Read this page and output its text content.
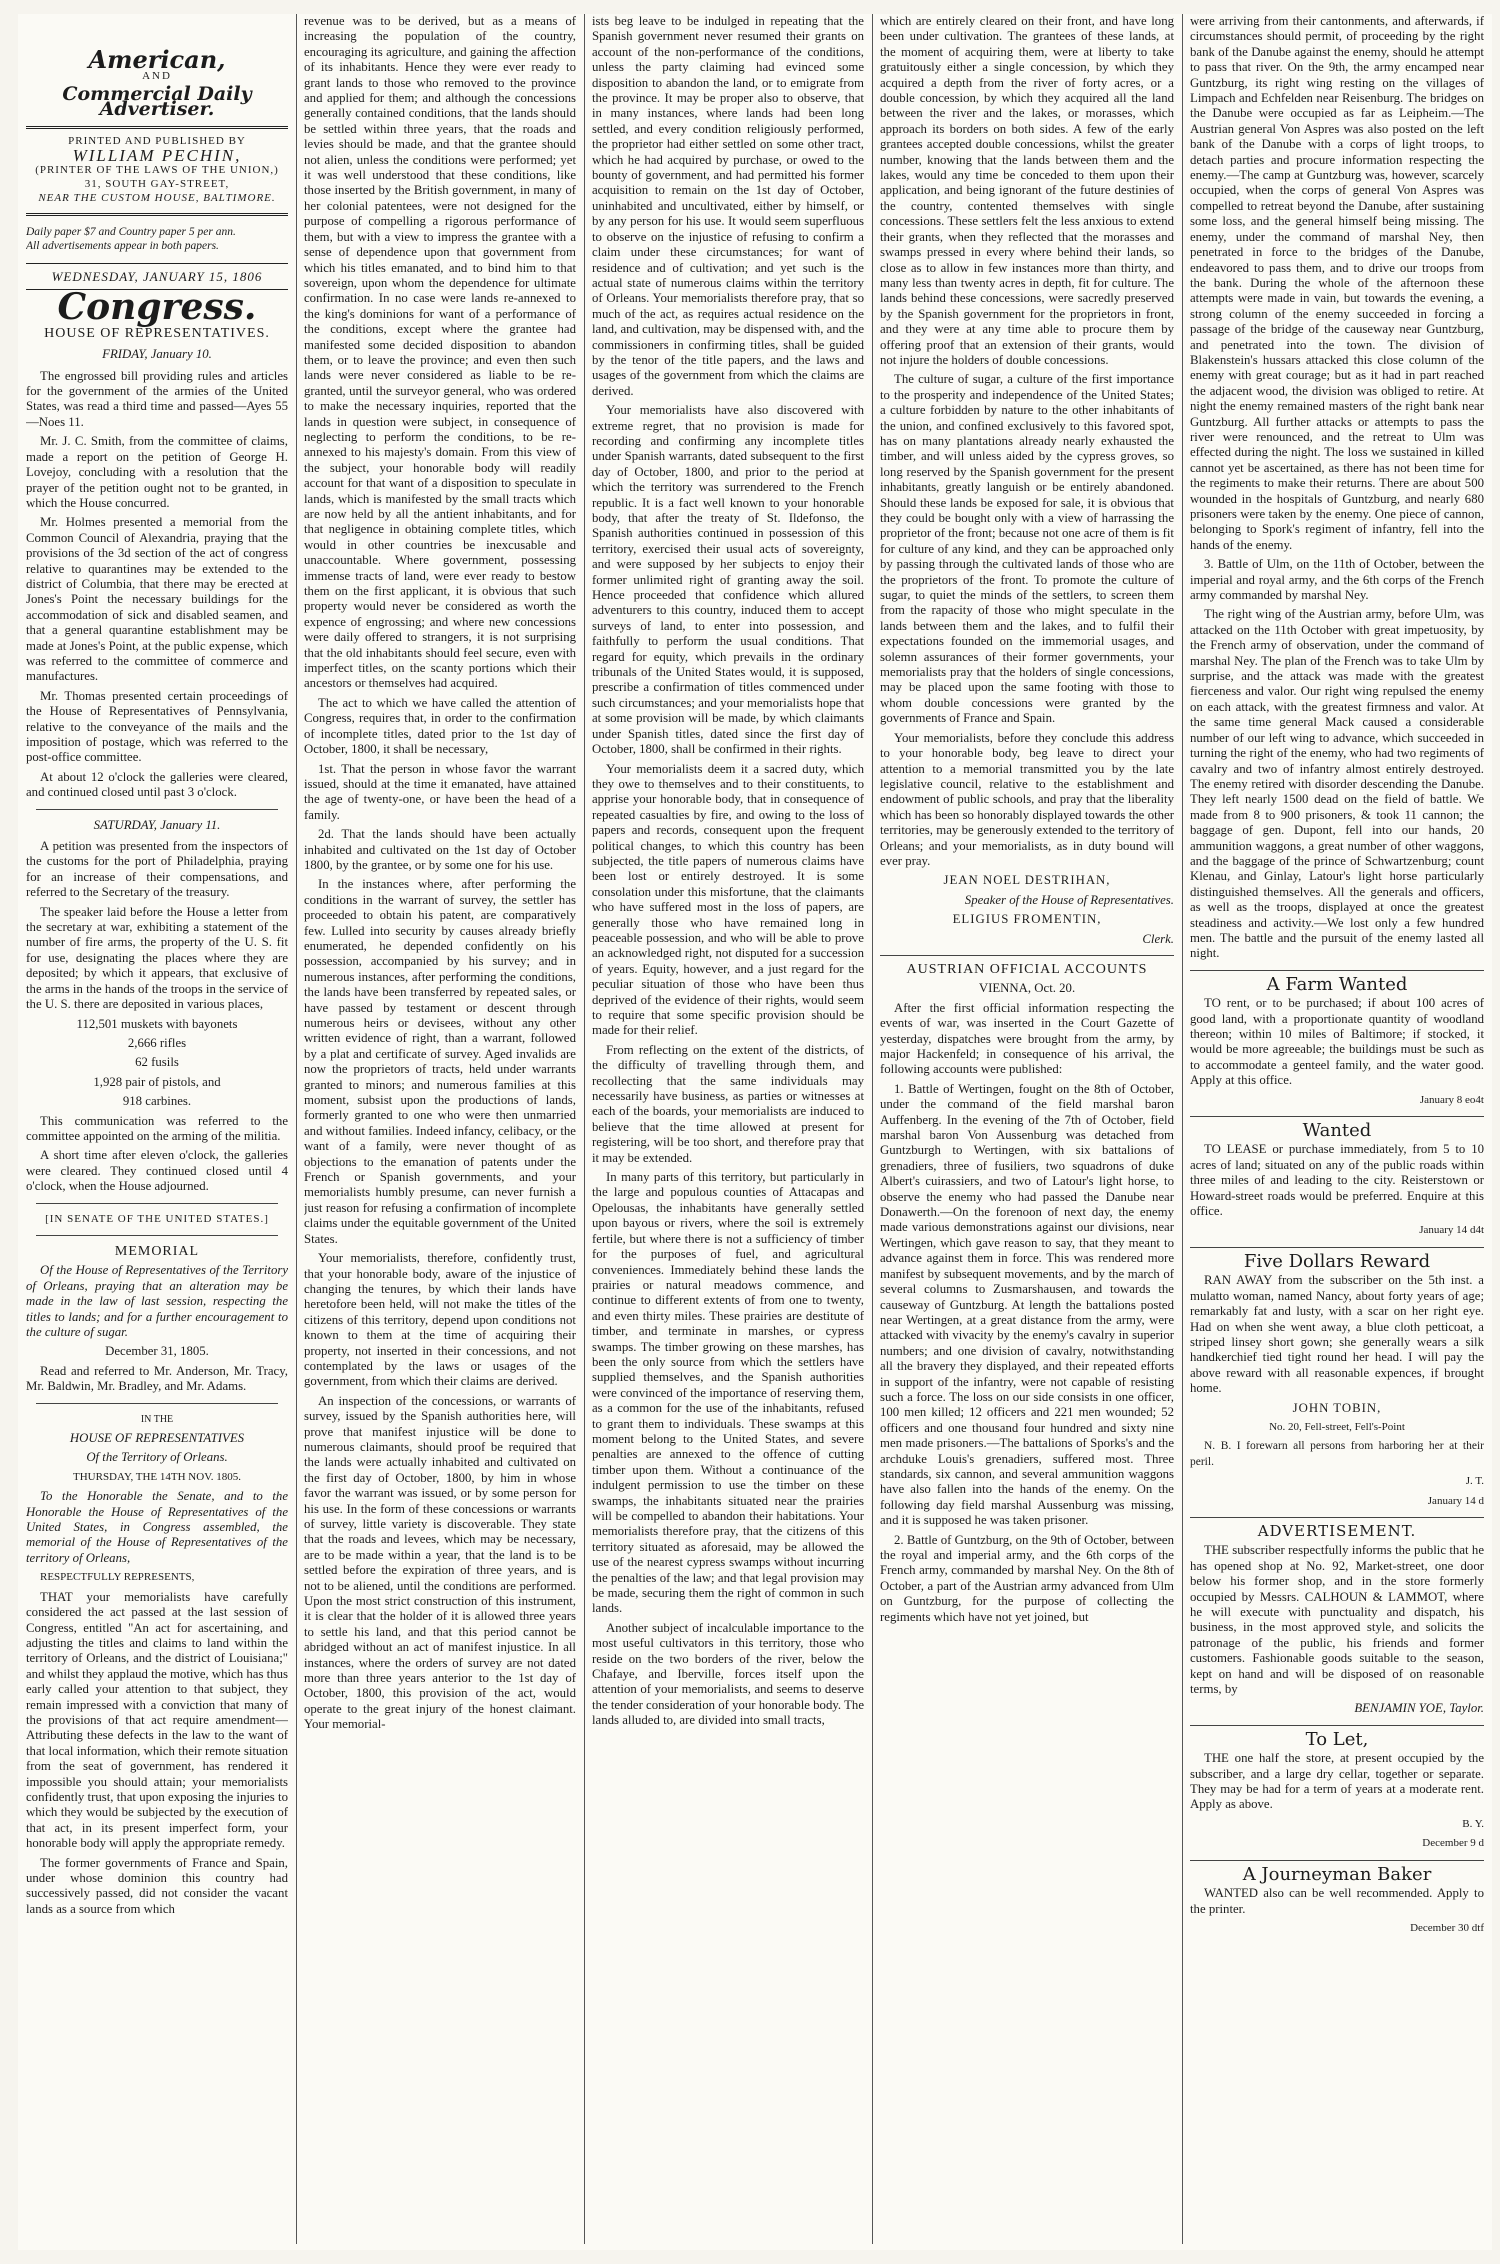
American,
AND
Commercial Daily Advertiser.
PRINTED AND PUBLISHED BY
WILLIAM PECHIN,
(PRINTER OF THE LAWS OF THE UNION,)
31, SOUTH GAY-STREET,
NEAR THE CUSTOM HOUSE, BALTIMORE.
Daily paper $7 and Country paper 5 per ann.
All advertisements appear in both papers.
WEDNESDAY, JANUARY 15, 1806
Congress.
HOUSE OF REPRESENTATIVES.
FRIDAY, January 10.

The engrossed bill providing rules and articles for the government of the armies of the United States, was read a third time and passed—Ayes 55—Noes 11.

Mr. J. C. Smith, from the committee of claims, made a report on the petition of George H. Lovejoy, concluding with a resolution that the prayer of the petition ought not to be granted, in which the House concurred.

Mr. Holmes presented a memorial from the Common Council of Alexandria, praying that the provisions of the 3d section of the act of congress relative to quarantines may be extended to the district of Columbia, that there may be erected at Jones's Point the necessary buildings for the accommodation of sick and disabled seamen, and that a general quarantine establishment may be made at Jones's Point, at the public expense, which was referred to the committee of commerce and manufactures.

Mr. Thomas presented certain proceedings of the House of Representatives of Pennsylvania, relative to the conveyance of the mails and the imposition of postage, which was referred to the post-office committee.

At about 12 o'clock the galleries were cleared, and continued closed until past 3 o'clock.

SATURDAY, January 11.

A petition was presented from the inspectors of the customs for the port of Philadelphia, praying for an increase of their compensations, and referred to the Secretary of the treasury.

The speaker laid before the House a letter from the secretary at war, exhibiting a statement of the number of fire arms, the property of the U. S. fit for use, designating the places where they are deposited; by which it appears, that exclusive of the arms in the hands of the troops in the service of the U. S. there are deposited in various places,

112,501 muskets with bayonets

2,666 rifles

62 fusils

1,928 pair of pistols, and

918 carbines.

This communication was referred to the committee appointed on the arming of the militia.

A short time after eleven o'clock, the galleries were cleared. They continued closed until 4 o'clock, when the House adjourned.

[IN SENATE OF THE UNITED STATES.]

MEMORIAL

Of the House of Representatives of the Territory of Orleans, praying that an alteration may be made in the law of last session, respecting the titles to lands; and for a further encouragement to the culture of sugar.

December 31, 1805.

Read and referred to Mr. Anderson, Mr. Tracy, Mr. Baldwin, Mr. Bradley, and Mr. Adams.

IN THE

HOUSE OF REPRESENTATIVES

Of the Territory of Orleans.

THURSDAY, THE 14TH NOV. 1805.

To the Honorable the Senate, and to the Honorable the House of Representatives of the United States, in Congress assembled, the memorial of the House of Representatives of the territory of Orleans,

RESPECTFULLY REPRESENTS,

THAT your memorialists have carefully considered the act passed at the last session of Congress, entitled "An act for ascertaining, and adjusting the titles and claims to land within the territory of Orleans, and the district of Louisiana;" and whilst they applaud the motive, which has thus early called your attention to that subject, they remain impressed with a conviction that many of the provisions of that act require amendment—Attributing these defects in the law to the want of that local information, which their remote situation from the seat of government, has rendered it impossible you should attain; your memorialists confidently trust, that upon exposing the injuries to which they would be subjected by the execution of that act, in its present imperfect form, your honorable body will apply the appropriate remedy.

The former governments of France and Spain, under whose dominion this country had successively passed, did not consider the vacant lands as a source from which

revenue was to be derived, but as a means of increasing the population of the country, encouraging its agriculture, and gaining the affection of its inhabitants. Hence they were ever ready to grant lands to those who removed to the province and applied for them; and although the concessions generally contained conditions, that the lands should be settled within three years, that the roads and levies should be made, and that the grantee should not alien, unless the conditions were performed; yet it was well understood that these conditions, like those inserted by the British government, in many of her colonial patentees, were not designed for the purpose of compelling a rigorous performance of them, but with a view to impress the grantee with a sense of dependence upon that government from which his titles emanated, and to bind him to that sovereign, upon whom the dependence for ultimate confirmation. In no case were lands re-annexed to the king's dominions for want of a performance of the conditions, except where the grantee had manifested some decided disposition to abandon them, or to leave the province; and even then such lands were never considered as liable to be re-granted, until the surveyor general, who was ordered to make the necessary inquiries, reported that the lands in question were subject, in consequence of neglecting to perform the conditions, to be re-annexed to his majesty's domain. From this view of the subject, your honorable body will readily account for that want of a disposition to speculate in lands, which is manifested by the small tracts which are now held by all the antient inhabitants, and for that negligence in obtaining complete titles, which would in other countries be inexcusable and unaccountable. Where government, possessing immense tracts of land, were ever ready to bestow them on the first applicant, it is obvious that such property would never be considered as worth the expence of engrossing; and where new concessions were daily offered to strangers, it is not surprising that the old inhabitants should feel secure, even with imperfect titles, on the scanty portions which their ancestors or themselves had acquired.

The act to which we have called the attention of Congress, requires that, in order to the confirmation of incomplete titles, dated prior to the 1st day of October, 1800, it shall be necessary,

1st. That the person in whose favor the warrant issued, should at the time it emanated, have attained the age of twenty-one, or have been the head of a family.

2d. That the lands should have been actually inhabited and cultivated on the 1st day of October 1800, by the grantee, or by some one for his use.

In the instances where, after performing the conditions in the warrant of survey, the settler has proceeded to obtain his patent, are comparatively few. Lulled into security by causes already briefly enumerated, he depended confidently on his possession, accompanied by his survey; and in numerous instances, after performing the conditions, the lands have been transferred by repeated sales, or have passed by testament or descent through numerous heirs or devisees, without any other written evidence of right, than a warrant, followed by a plat and certificate of survey. Aged invalids are now the proprietors of tracts, held under warrants granted to minors; and numerous families at this moment, subsist upon the productions of lands, formerly granted to one who were then unmarried and without families. Indeed infancy, celibacy, or the want of a family, were never thought of as objections to the emanation of patents under the French or Spanish governments, and your memorialists humbly presume, can never furnish a just reason for refusing a confirmation of incomplete claims under the equitable government of the United States.

Your memorialists, therefore, confidently trust, that your honorable body, aware of the injustice of changing the tenures, by which their lands have heretofore been held, will not make the titles of the citizens of this territory, depend upon conditions not known to them at the time of acquiring their property, not inserted in their concessions, and not contemplated by the laws or usages of the government, from which their claims are derived.

An inspection of the concessions, or warrants of survey, issued by the Spanish authorities here, will prove that manifest injustice will be done to numerous claimants, should proof be required that the lands were actually inhabited and cultivated on the first day of October, 1800, by him in whose favor the warrant was issued, or by some person for his use. In the form of these concessions or warrants of survey, little variety is discoverable. They state that the roads and levees, which may be necessary, are to be made within a year, that the land is to be settled before the expiration of three years, and is not to be aliened, until the conditions are performed. Upon the most strict construction of this instrument, it is clear that the holder of it is allowed three years to settle his land, and that this period cannot be abridged without an act of manifest injustice. In all instances, where the orders of survey are not dated more than three years anterior to the 1st day of October, 1800, this provision of the act, would operate to the great injury of the honest claimant. Your memorial-

ists beg leave to be indulged in repeating that the Spanish government never resumed their grants on account of the non-performance of the conditions, unless the party claiming had evinced some disposition to abandon the land, or to emigrate from the province. It may be proper also to observe, that in many instances, where lands had been long settled, and every condition religiously performed, the proprietor had either settled on some other tract, which he had acquired by purchase, or owed to the bounty of government, and had permitted his former acquisition to remain on the 1st day of October, uninhabited and uncultivated, either by himself, or by any person for his use. It would seem superfluous to observe on the injustice of refusing to confirm a claim under these circumstances; for want of residence and of cultivation; and yet such is the actual state of numerous claims within the territory of Orleans. Your memorialists therefore pray, that so much of the act, as requires actual residence on the land, and cultivation, may be dispensed with, and the commissioners in confirming titles, shall be guided by the tenor of the title papers, and the laws and usages of the government from which the claims are derived.

Your memorialists have also discovered with extreme regret, that no provision is made for recording and confirming any incomplete titles under Spanish warrants, dated subsequent to the first day of October, 1800, and prior to the period at which the territory was surrendered to the French republic. It is a fact well known to your honorable body, that after the treaty of St. Ildefonso, the Spanish authorities continued in possession of this territory, exercised their usual acts of sovereignty, and were supposed by her subjects to enjoy their former unlimited right of granting away the soil. Hence proceeded that confidence which allured adventurers to this country, induced them to accept surveys of land, to enter into possession, and faithfully to perform the usual conditions. That regard for equity, which prevails in the ordinary tribunals of the United States would, it is supposed, prescribe a confirmation of titles commenced under such circumstances; and your memorialists hope that at some provision will be made, by which claimants under Spanish titles, dated since the first day of October, 1800, shall be confirmed in their rights.

Your memorialists deem it a sacred duty, which they owe to themselves and to their constituents, to apprise your honorable body, that in consequence of repeated casualties by fire, and owing to the loss of papers and records, consequent upon the frequent political changes, to which this country has been subjected, the title papers of numerous claims have been lost or entirely destroyed. It is some consolation under this misfortune, that the claimants who have suffered most in the loss of papers, are generally those who have remained long in peaceable possession, and who will be able to prove an acknowledged right, not disputed for a succession of years. Equity, however, and a just regard for the peculiar situation of those who have been thus deprived of the evidence of their rights, would seem to require that some specific provision should be made for their relief.

From reflecting on the extent of the districts, of the difficulty of travelling through them, and recollecting that the same individuals may necessarily have business, as parties or witnesses at each of the boards, your memorialists are induced to believe that the time allowed at present for registering, will be too short, and therefore pray that it may be extended.

In many parts of this territory, but particularly in the large and populous counties of Attacapas and Opelousas, the inhabitants have generally settled upon bayous or rivers, where the soil is extremely fertile, but where there is not a sufficiency of timber for the purposes of fuel, and agricultural conveniences. Immediately behind these lands the prairies or natural meadows commence, and continue to different extents of from one to twenty, and even thirty miles. These prairies are destitute of timber, and terminate in marshes, or cypress swamps. The timber growing on these marshes, has been the only source from which the settlers have supplied themselves, and the Spanish authorities were convinced of the importance of reserving them, as a common for the use of the inhabitants, refused to grant them to individuals. These swamps at this moment belong to the United States, and severe penalties are annexed to the offence of cutting timber upon them. Without a continuance of the indulgent permission to use the timber on these swamps, the inhabitants situated near the prairies will be compelled to abandon their habitations. Your memorialists therefore pray, that the citizens of this territory situated as aforesaid, may be allowed the use of the nearest cypress swamps without incurring the penalties of the law; and that legal provision may be made, securing them the right of common in such lands.

Another subject of incalculable importance to the most useful cultivators in this territory, those who reside on the two borders of the river, below the Chafaye, and Iberville, forces itself upon the attention of your memorialists, and seems to deserve the tender consideration of your honorable body. The lands alluded to, are divided into small tracts,

which are entirely cleared on their front, and have long been under cultivation. The grantees of these lands, at the moment of acquiring them, were at liberty to take gratuitously either a single concession, by which they acquired a depth from the river of forty acres, or a double concession, by which they acquired all the land between the river and the lakes, or morasses, which approach its borders on both sides. A few of the early grantees accepted double concessions, whilst the greater number, knowing that the lands between them and the lakes, would any time be conceded to them upon their application, and being ignorant of the future destinies of the country, contented themselves with single concessions. These settlers felt the less anxious to extend their grants, when they reflected that the morasses and swamps pressed in every where behind their lands, so close as to allow in few instances more than thirty, and many less than twenty acres in depth, fit for culture. The lands behind these concessions, were sacredly preserved by the Spanish government for the proprietors in front, and they were at any time able to procure them by offering proof that an extension of their grants, would not injure the holders of double concessions.

The culture of sugar, a culture of the first importance to the prosperity and independence of the United States; a culture forbidden by nature to the other inhabitants of the union, and confined exclusively to this favored spot, has on many plantations already nearly exhausted the timber, and will unless aided by the cypress groves, so long reserved by the Spanish government for the present inhabitants, greatly languish or be entirely abandoned. Should these lands be exposed for sale, it is obvious that they could be bought only with a view of harrassing the proprietor of the front; because not one acre of them is fit for culture of any kind, and they can be approached only by passing through the cultivated lands of those who are the proprietors of the front. To promote the culture of sugar, to quiet the minds of the settlers, to screen them from the rapacity of those who might speculate in the lands between them and the lakes, and to fulfil their expectations founded on the immemorial usages, and solemn assurances of their former governments, your memorialists pray that the holders of single concessions, may be placed upon the same footing with those to whom double concessions were granted by the governments of France and Spain.

Your memorialists, before they conclude this address to your honorable body, beg leave to direct your attention to a memorial transmitted you by the late legislative council, relative to the establishment and endowment of public schools, and pray that the liberality which has been so honorably displayed towards the other territories, may be generously extended to the territory of Orleans; and your memorialists, as in duty bound will ever pray.

JEAN NOEL DESTRIHAN,

Speaker of the House of Representatives.

ELIGIUS FROMENTIN,

Clerk.

AUSTRIAN OFFICIAL ACCOUNTS

VIENNA, Oct. 20.

After the first official information respecting the events of war, was inserted in the Court Gazette of yesterday, dispatches were brought from the army, by major Hackenfeld; in consequence of his arrival, the following accounts were published:

1. Battle of Wertingen, fought on the 8th of October, under the command of the field marshal baron Auffenberg. In the evening of the 7th of October, field marshal baron Von Aussenburg was detached from Guntzburgh to Wertingen, with six battalions of grenadiers, three of fusiliers, two squadrons of duke Albert's cuirassiers, and two of Latour's light horse, to observe the enemy who had passed the Danube near Donawerth.—On the forenoon of next day, the enemy made various demonstrations against our divisions, near Wertingen, which gave reason to say, that they meant to advance against them in force. This was rendered more manifest by subsequent movements, and by the march of several columns to Zusmarshausen, and towards the causeway of Guntzburg. At length the battalions posted near Wertingen, at a great distance from the army, were attacked with vivacity by the enemy's cavalry in superior numbers; and one division of cavalry, notwithstanding all the bravery they displayed, and their repeated efforts in support of the infantry, were not capable of resisting such a force. The loss on our side consists in one officer, 100 men killed; 12 officers and 221 men wounded; 52 officers and one thousand four hundred and sixty nine men made prisoners.—The battalions of Sporks's and the archduke Louis's grenadiers, suffered most. Three standards, six cannon, and several ammunition waggons have also fallen into the hands of the enemy. On the following day field marshal Aussenburg was missing, and it is supposed he was taken prisoner.

2. Battle of Guntzburg, on the 9th of October, between the royal and imperial army, and the 6th corps of the French army, commanded by marshal Ney. On the 8th of October, a part of the Austrian army advanced from Ulm on Guntzburg, for the purpose of collecting the regiments which have not yet joined, but

were arriving from their cantonments, and afterwards, if circumstances should permit, of proceeding by the right bank of the Danube against the enemy, should he attempt to pass that river. On the 9th, the army encamped near Guntzburg, its right wing resting on the villages of Limpach and Echfelden near Reisenburg. The bridges on the Danube were occupied as far as Leipheim.—The Austrian general Von Aspres was also posted on the left bank of the Danube with a corps of light troops, to detach parties and procure information respecting the enemy.—The camp at Guntzburg was, however, scarcely occupied, when the corps of general Von Aspres was compelled to retreat beyond the Danube, after sustaining some loss, and the general himself being missing. The enemy, under the command of marshal Ney, then penetrated in force to the bridges of the Danube, endeavored to pass them, and to drive our troops from the bank. During the whole of the afternoon these attempts were made in vain, but towards the evening, a strong column of the enemy succeeded in forcing a passage of the bridge of the causeway near Guntzburg, and penetrated into the town. The division of Blakenstein's hussars attacked this close column of the enemy with great courage; but as it had in part reached the adjacent wood, the division was obliged to retire. At night the enemy remained masters of the right bank near Guntzburg. All further attacks or attempts to pass the river were renounced, and the retreat to Ulm was effected during the night. The loss we sustained in killed cannot yet be ascertained, as there has not been time for the regiments to make their returns. There are about 500 wounded in the hospitals of Guntzburg, and nearly 680 prisoners were taken by the enemy. One piece of cannon, belonging to Spork's regiment of infantry, fell into the hands of the enemy.

3. Battle of Ulm, on the 11th of October, between the imperial and royal army, and the 6th corps of the French army commanded by marshal Ney.

The right wing of the Austrian army, before Ulm, was attacked on the 11th October with great impetuosity, by the French army of observation, under the command of marshal Ney. The plan of the French was to take Ulm by surprise, and the attack was made with the greatest fierceness and valor. Our right wing repulsed the enemy on each attack, with the greatest firmness and valor. At the same time general Mack caused a considerable number of our left wing to advance, which succeeded in turning the right of the enemy, who had two regiments of cavalry and two of infantry almost entirely destroyed. The enemy retired with disorder descending the Danube. They left nearly 1500 dead on the field of battle. We made from 8 to 900 prisoners, & took 11 cannon; the baggage of gen. Dupont, fell into our hands, 20 ammunition waggons, a great number of other waggons, and the baggage of the prince of Schwartzenburg; count Klenau, and Ginlay, Latour's light horse particularly distinguished themselves. All the generals and officers, as well as the troops, displayed at once the greatest steadiness and activity.—We lost only a few hundred men. The battle and the pursuit of the enemy lasted all night.

A Farm Wanted

TO rent, or to be purchased; if about 100 acres of good land, with a proportionate quantity of woodland thereon; within 10 miles of Baltimore; if stocked, it would be more agreeable; the buildings must be such as to accommodate a genteel family, and the water good. Apply at this office.

January 8 eo4t

Wanted

TO LEASE or purchase immediately, from 5 to 10 acres of land; situated on any of the public roads within three miles of and leading to the city. Reisterstown or Howard-street roads would be preferred. Enquire at this office.

January 14 d4t

Five Dollars Reward

RAN AWAY from the subscriber on the 5th inst. a mulatto woman, named Nancy, about forty years of age; remarkably fat and lusty, with a scar on her right eye. Had on when she went away, a blue cloth petticoat, a striped linsey short gown; she generally wears a silk handkerchief tied tight round her head. I will pay the above reward with all reasonable expences, if brought home.

JOHN TOBIN,

No. 20, Fell-street, Fell's-Point

N. B. I forewarn all persons from harboring her at their peril.

J. T.

January 14 d

ADVERTISEMENT.

THE subscriber respectfully informs the public that he has opened shop at No. 92, Market-street, one door below his former shop, and in the store formerly occupied by Messrs. CALHOUN & LAMMOT, where he will execute with punctuality and dispatch, his business, in the most approved style, and solicits the patronage of the public, his friends and former customers. Fashionable goods suitable to the season, kept on hand and will be disposed of on reasonable terms, by

BENJAMIN YOE, Taylor.

To Let,

THE one half the store, at present occupied by the subscriber, and a large dry cellar, together or separate. They may be had for a term of years at a moderate rent. Apply as above.

B. Y.

December 9 d

A Journeyman Baker

WANTED also can be well recommended. Apply to the printer.

December 30 dtf
